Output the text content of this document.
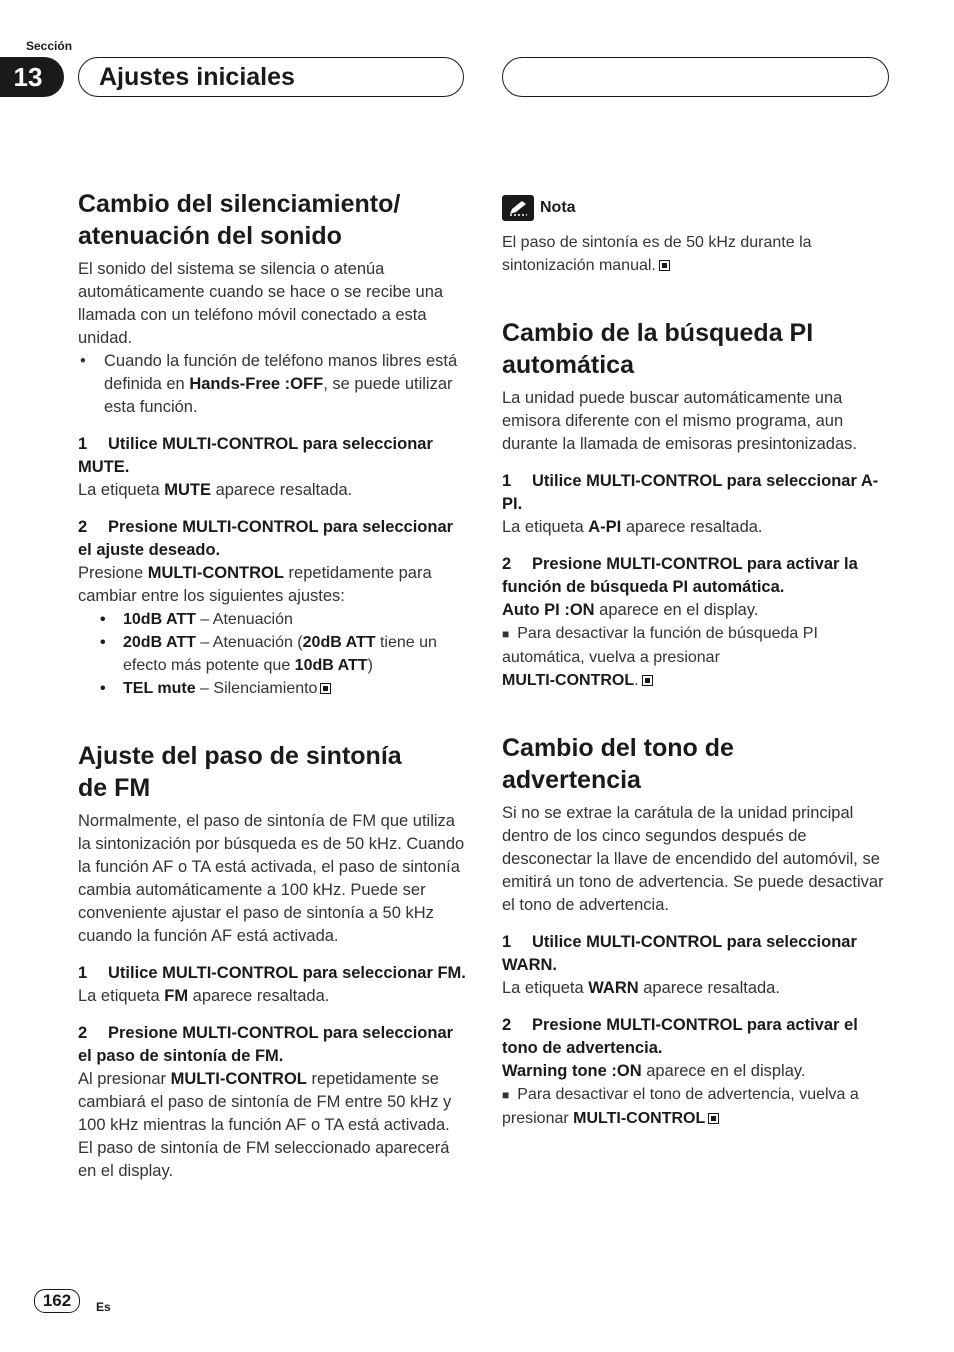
Sección
13	Ajustes iniciales
Cambio del silenciamiento/
atenuación del sonido

El sonido del sistema se silencia o atenúa automáticamente cuando se hace o se recibe una llamada con un teléfono móvil conectado a esta unidad.

• Cuando la función de teléfono manos libres está definida en Hands-Free :OFF, se puede utilizar esta función.

1 Utilice MULTI-CONTROL para seleccionar MUTE.

La etiqueta MUTE aparece resaltada.

2 Presione MULTI-CONTROL para seleccionar el ajuste deseado.

Presione MULTI-CONTROL repetidamente para cambiar entre los siguientes ajustes:

• 10dB ATT – Atenuación

• 20dB ATT – Atenuación (20dB ATT tiene un efecto más potente que 10dB ATT)

• TEL mute – Silenciamiento

Ajuste del paso de sintonía
de FM

Normalmente, el paso de sintonía de FM que utiliza la sintonización por búsqueda es de 50 kHz. Cuando la función AF o TA está activada, el paso de sintonía cambia automáticamente a 100 kHz. Puede ser conveniente ajustar el paso de sintonía a 50 kHz cuando la función AF está activada.

1 Utilice MULTI-CONTROL para seleccionar FM.

La etiqueta FM aparece resaltada.

2 Presione MULTI-CONTROL para seleccionar el paso de sintonía de FM.

Al presionar MULTI-CONTROL repetidamente se cambiará el paso de sintonía de FM entre 50 kHz y 100 kHz mientras la función AF o TA está activada. El paso de sintonía de FM seleccionado aparecerá en el display.

Nota

El paso de sintonía es de 50 kHz durante la sintonización manual.

Cambio de la búsqueda PI
automática

La unidad puede buscar automáticamente una emisora diferente con el mismo programa, aun durante la llamada de emisoras presintonizadas.

1 Utilice MULTI-CONTROL para seleccionar A-PI.

La etiqueta A-PI aparece resaltada.

2 Presione MULTI-CONTROL para activar la función de búsqueda PI automática.

Auto PI :ON aparece en el display.

■ Para desactivar la función de búsqueda PI automática, vuelva a presionar
MULTI-CONTROL.

Cambio del tono de
advertencia

Si no se extrae la carátula de la unidad principal dentro de los cinco segundos después de desconectar la llave de encendido del automóvil, se emitirá un tono de advertencia. Se puede desactivar el tono de advertencia.

1 Utilice MULTI-CONTROL para seleccionar WARN.

La etiqueta WARN aparece resaltada.

2 Presione MULTI-CONTROL para activar el tono de advertencia.

Warning tone :ON aparece en el display.

■ Para desactivar el tono de advertencia, vuelva a presionar MULTI-CONTROL

162	Es
